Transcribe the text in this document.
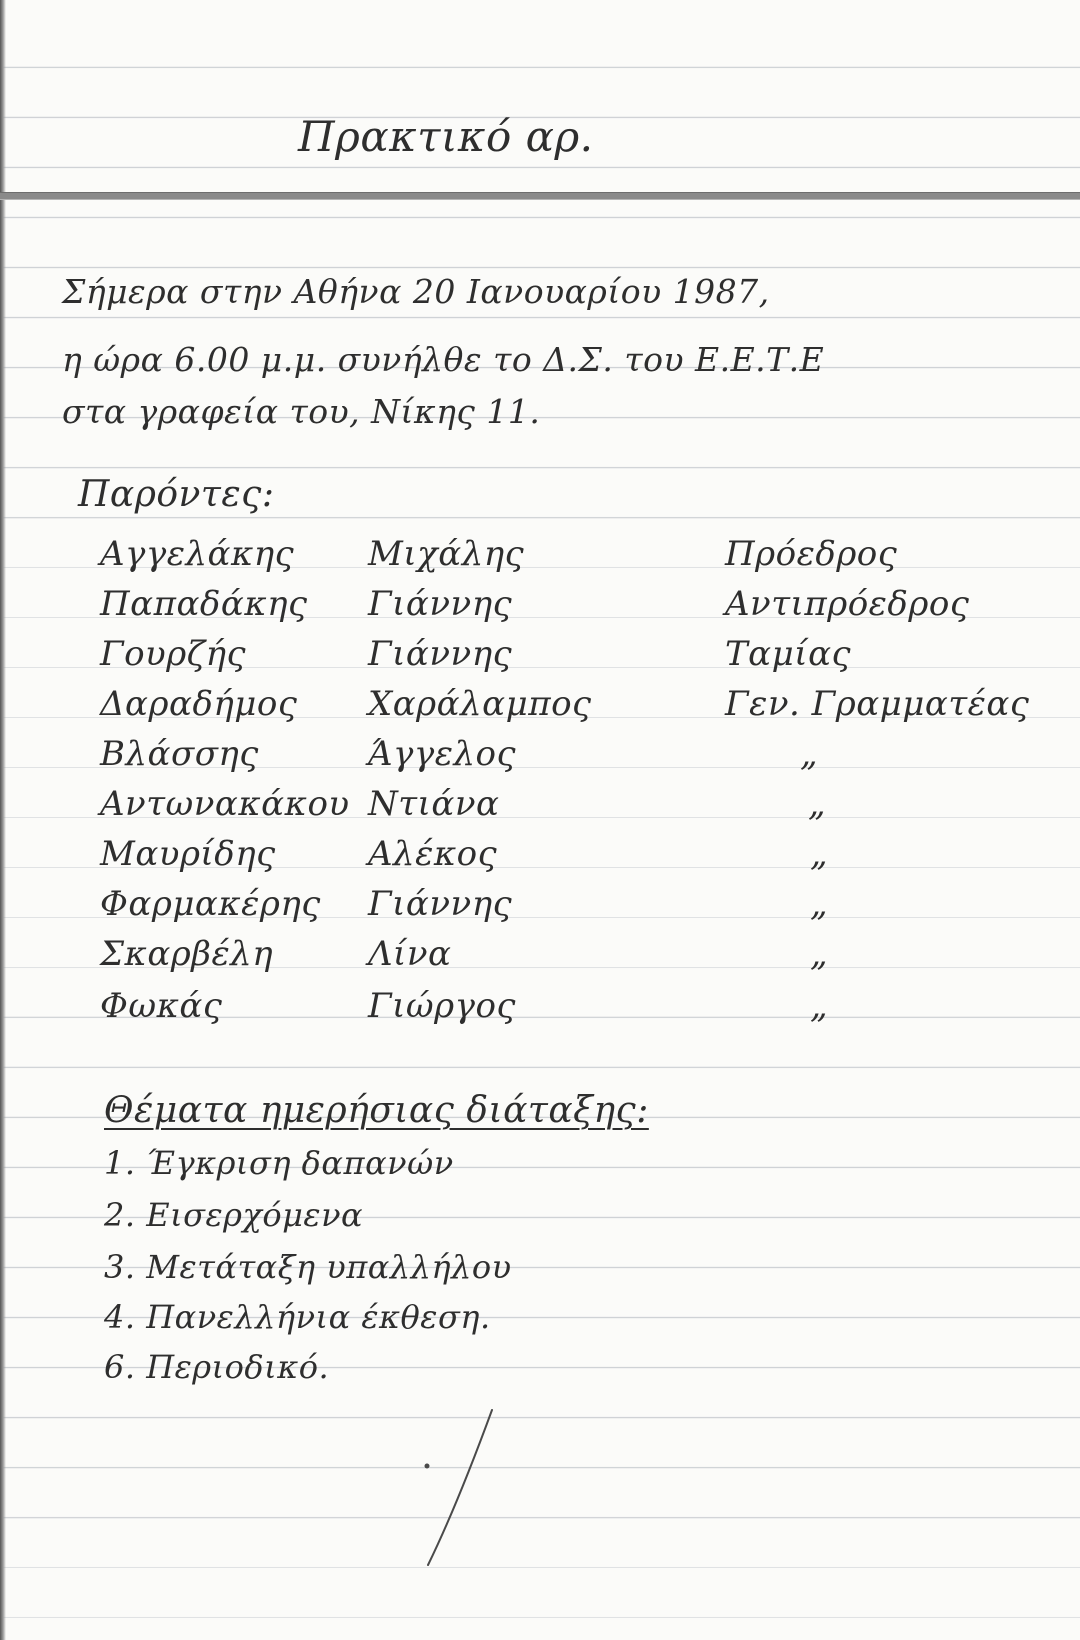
Πρακτικό αρ.
Σήμερα στην Αθήνα 20 Ιανουαρίου 1987,
η ώρα 6.00 μ.μ. συνήλθε το Δ.Σ. του Ε.Ε.Τ.Ε
στα γραφεία του, Νίκης 11.
Παρόντες:
Αγγελάκης Μιχάλης	Πρόεδρος
Παπαδάκης Γιάννης	Αντιπρόεδρος
Γουρζής	Γιάννης	Ταμίας
Δαραδήμος Χαράλαμπος	Γεν. Γραμματέας
Βλάσσης	Άγγελος	„
Αντωνακάκου Ντιάνα	„
Μαυρίδης	Αλέκος	„
Φαρμακέρης Γιάννης	„
Σκαρβέλη	Λίνα	„
Φωκάς	Γιώργος	„
Θέματα ημερήσιας διάταξης:
1. Έγκριση δαπανών
2. Εισερχόμενα
3. Μετάταξη υπαλλήλου
4. Πανελλήνια έκθεση.
6. Περιοδικό.
